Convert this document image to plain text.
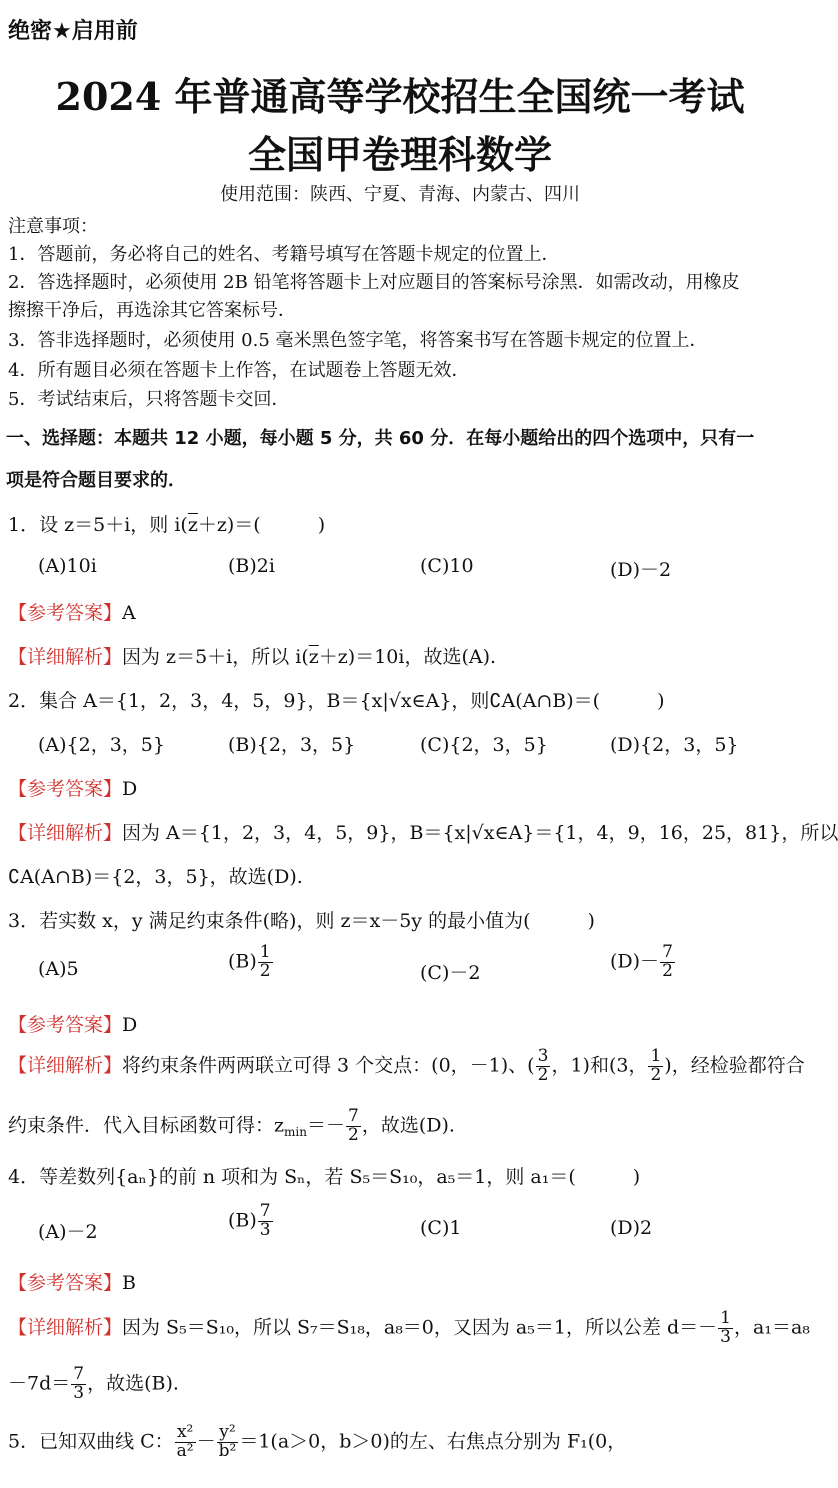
绝密★启用前
2024 年普通高等学校招生全国统一考试
全国甲卷理科数学
使用范围：陕西、宁夏、青海、内蒙古、四川
注意事项：
1．答题前，务必将自己的姓名、考籍号填写在答题卡规定的位置上．
2．答选择题时，必须使用 2B 铅笔将答题卡上对应题目的答案标号涂黑．如需改动，用橡皮
擦擦干净后，再选涂其它答案标号．
3．答非选择题时，必须使用 0.5 毫米黑色签字笔，将答案书写在答题卡规定的位置上．
4．所有题目必须在答题卡上作答，在试题卷上答题无效．
5．考试结束后，只将答题卡交回．
一、选择题：本题共 12 小题，每小题 5 分，共 60 分．在每小题给出的四个选项中，只有一
项是符合题目要求的．
1．设 z＝5＋i，则 $i(\overline{z}+z)=$(　　　)
(A)10i	(B)2i	(C)10	(D)－2
【参考答案】A
【详细解析】因为 z＝5＋i，所以 $i(\overline{z}+z)=10i$，故选(A).
2．集合 A＝{1，2，3，4，5，9}，B＝{x|√x∈A}，则∁A(A∩B)＝(　　　)
(A){2，3，5}	(B){2，3，5}	(C){2，3，5}	(D){2，3，5}
【参考答案】D
【详细解析】因为 A＝{1，2，3，4，5，9}，B＝{x|√x∈A}＝{1，4，9，16，25，81}，所以
∁A(A∩B)＝{2，3，5}，故选(D).
3．若实数 x，y 满足约束条件(略)，则 z＝x－5y 的最小值为(　　　)
(A)5	$(B) \frac{1}{2}$	(C)－2
$(D)- \frac{7}{2}$
【参考答案】D
【详细解析】将约束条件两两联立可得 3 个交点：(0，－1)、( $\frac{3}{2}$ ，1)和(3， $\frac{1}{2}$ )，经检验都符合
约束条件．代入目标函数可得：$z_{min}=- \frac{7}{2}$ ，故选(D).
4．等差数列{aₙ}的前 n 项和为 Sₙ，若 S₅＝S₁₀，a₅＝1，则 a₁＝(　　　)
(A)－2
$(B) \frac{7}{3}$	(C)1	(D)2
【参考答案】B
【详细解析】因为 S₅＝S₁₀，所以 S₇＝S₁₈，a₈＝0，又因为 a₅＝1，所以公差 $d=- \frac{1}{3}$ ，a₁＝a₈
$-7d= \frac{7}{3}$ ，故选(B).
5．已知双曲线 C： $\frac{\text{x²}}{\text{a²}} - \frac{\text{y²}}{\text{b²}} =1(a>0$，b＞0)的左、右焦点分别为 F₁(0，
